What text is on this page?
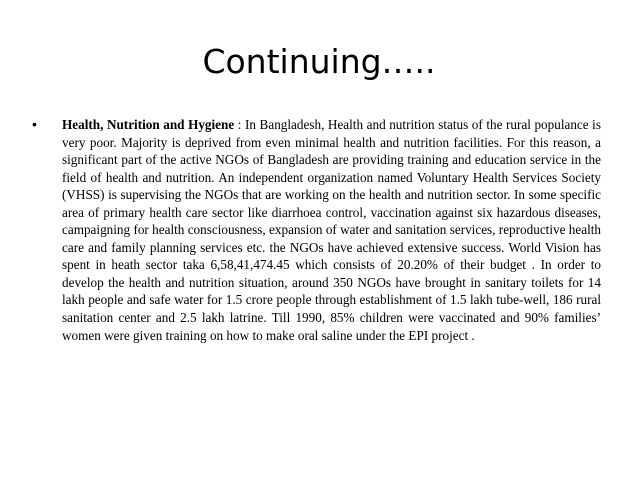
Continuing…..
• Health, Nutrition and Hygiene : In Bangladesh, Health and nutrition status of the rural populance is very poor. Majority is deprived from even minimal health and nutrition facilities. For this reason, a significant part of the active NGOs of Bangladesh are providing training and education service in the field of health and nutrition. An independent organization named Voluntary Health Services Society (VHSS) is supervising the NGOs that are working on the health and nutrition sector. In some specific area of primary health care sector like diarrhoea control, vaccination against six hazardous diseases, campaigning for health consciousness, expansion of water and sanitation services, reproductive health care and family planning services etc. the NGOs have achieved extensive success. World Vision has spent in heath sector taka 6,58,41,474.45 which consists of 20.20% of their budget . In order to develop the health and nutrition situation, around 350 NGOs have brought in sanitary toilets for 14 lakh people and safe water for 1.5 crore people through establishment of 1.5 lakh tube-well, 186 rural sanitation center and 2.5 lakh latrine. Till 1990, 85% children were vaccinated and 90% families’ women were given training on how to make oral saline under the EPI project .
